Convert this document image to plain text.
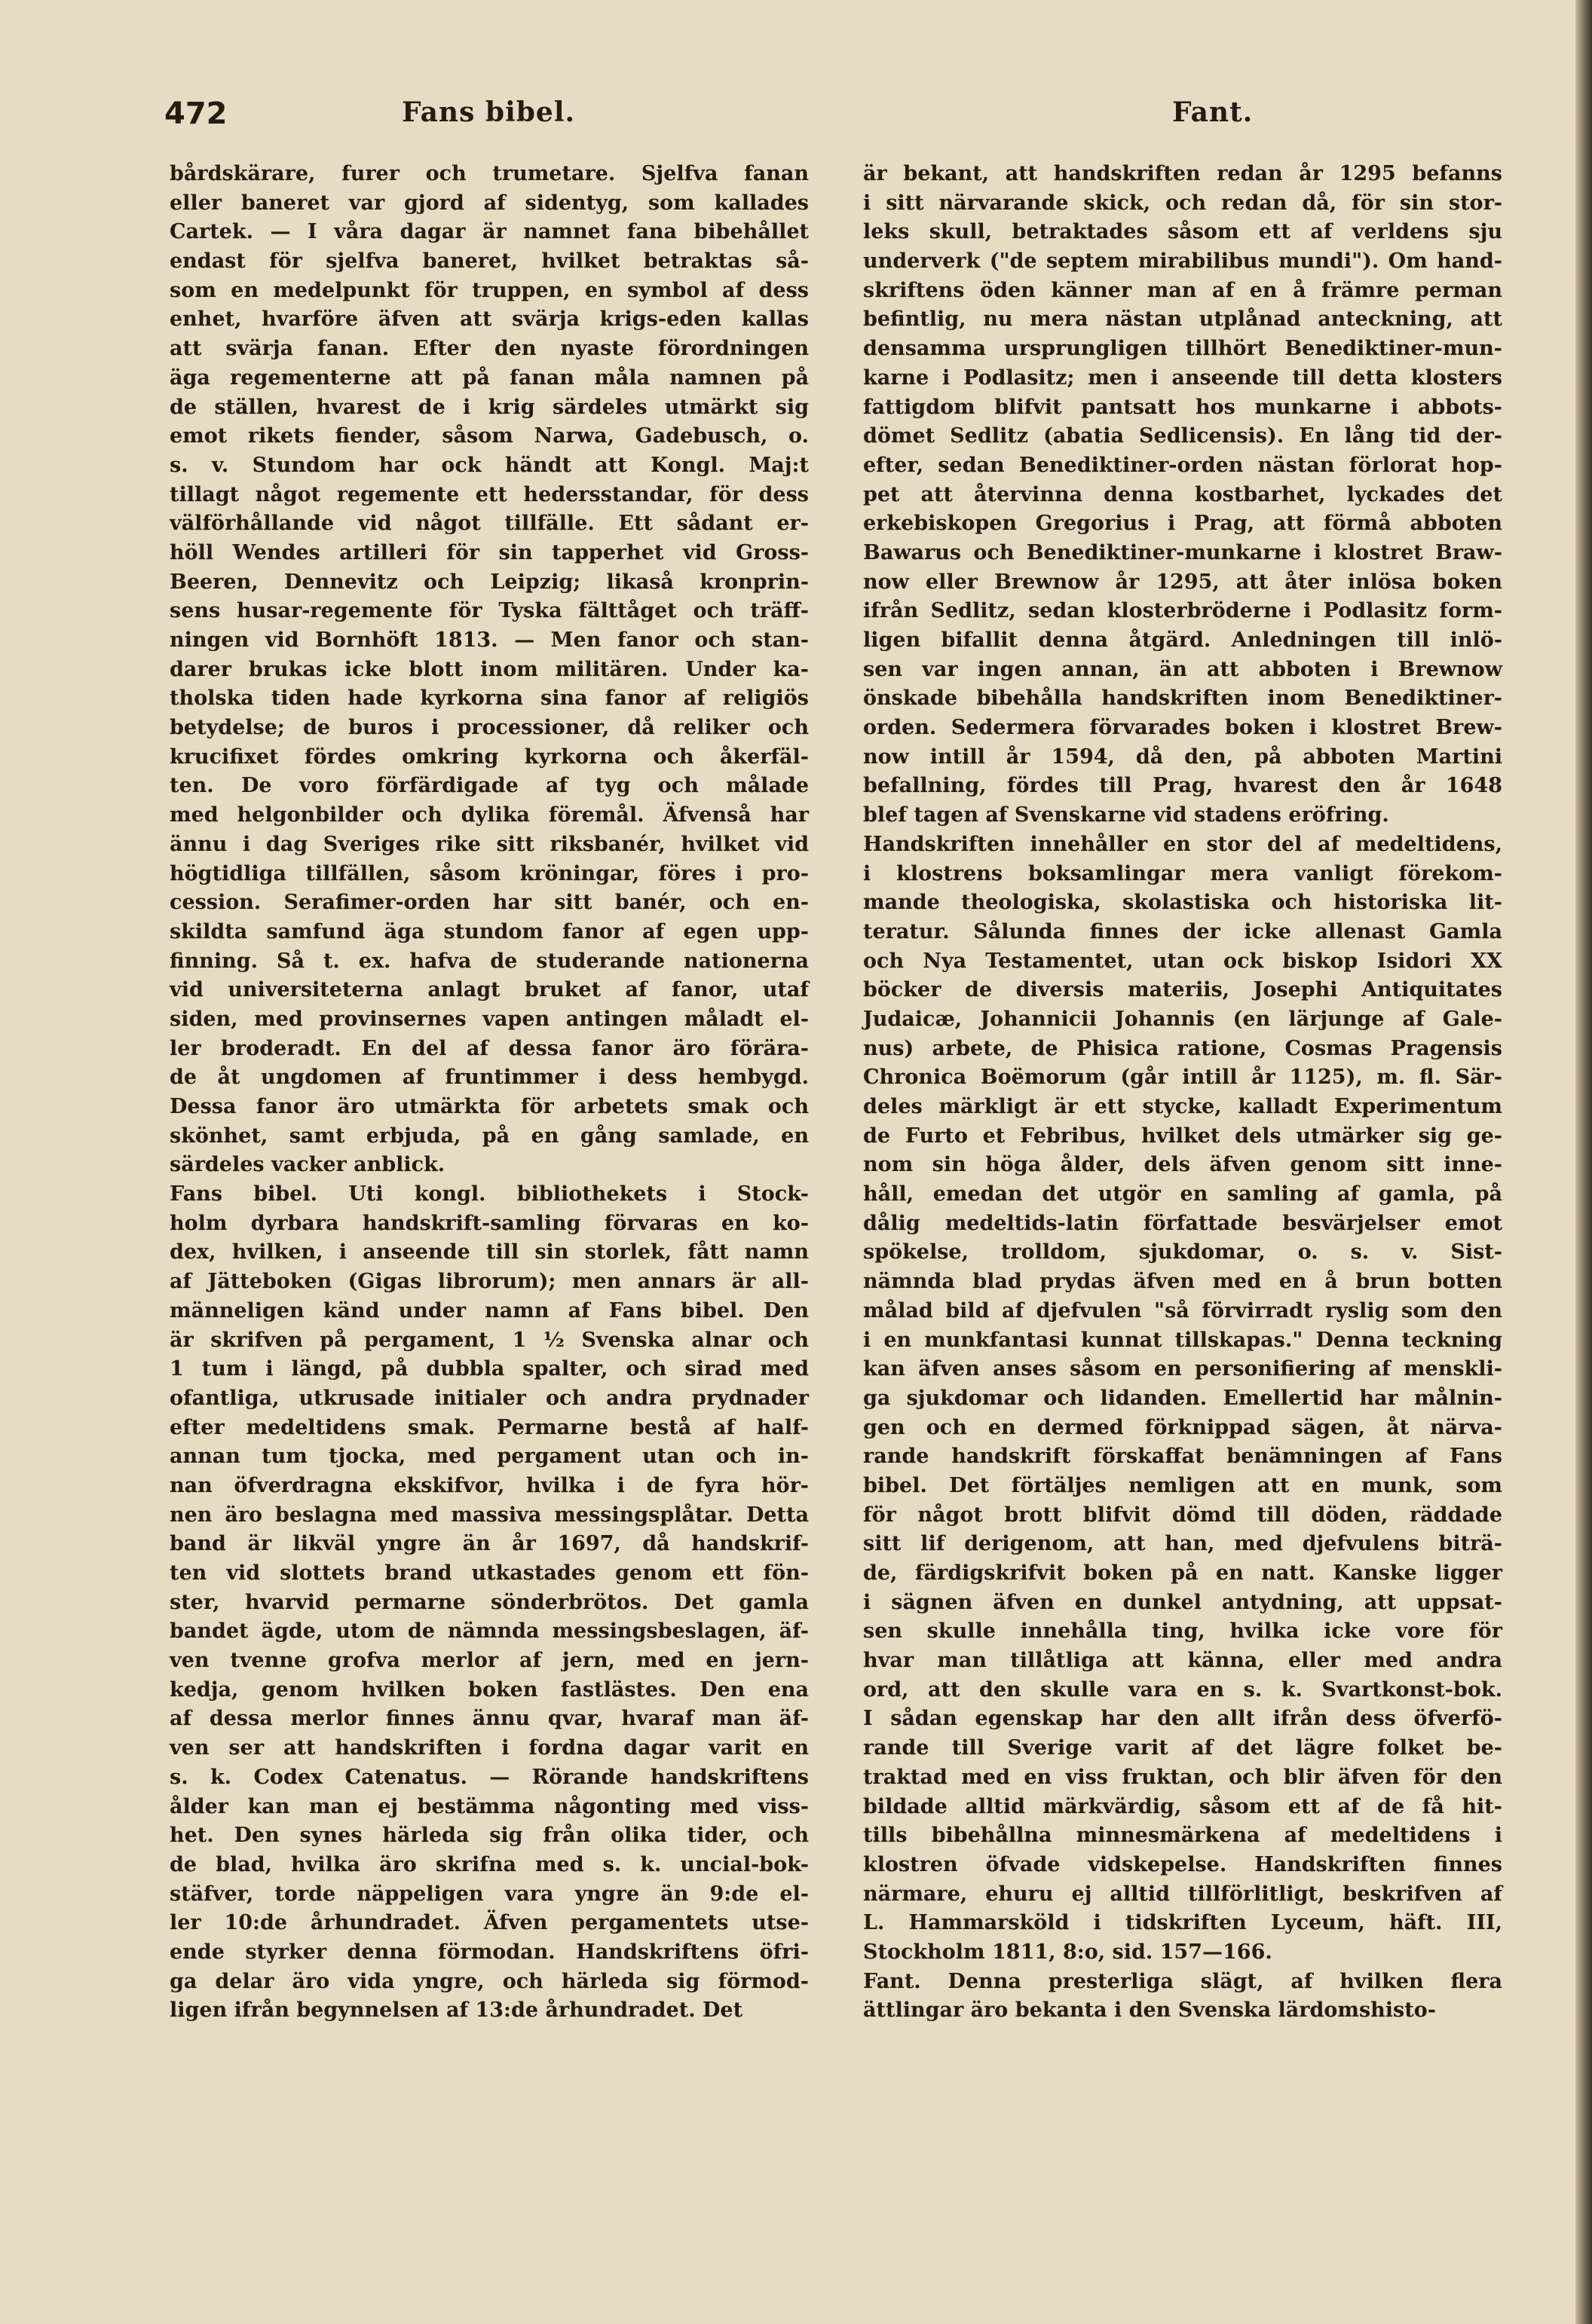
472	Fans bibel.	Fant.
bårdskärare, furer och trumetare. Sjelfva fanan
eller baneret var gjord af sidentyg, som kallades
Cartek. — I våra dagar är namnet fana bibehållet
endast för sjelfva baneret, hvilket betraktas så-
som en medelpunkt för truppen, en symbol af dess
enhet, hvarföre äfven att svärja krigs-eden kallas
att svärja fanan. Efter den nyaste förordningen
äga regementerne att på fanan måla namnen på
de ställen, hvarest de i krig särdeles utmärkt sig
emot rikets fiender, såsom Narwa, Gadebusch, o.
s. v. Stundom har ock händt att Kongl. Maj:t
tillagt något regemente ett hedersstandar, för dess
välförhållande vid något tillfälle. Ett sådant er-
höll Wendes artilleri för sin tapperhet vid Gross-
Beeren, Dennevitz och Leipzig; likaså kronprin-
sens husar-regemente för Tyska fälttåget och träff-
ningen vid Bornhöft 1813. — Men fanor och stan-
darer brukas icke blott inom militären. Under ka-
tholska tiden hade kyrkorna sina fanor af religiös
betydelse; de buros i processioner, då reliker och
krucifixet fördes omkring kyrkorna och åkerfäl-
ten. De voro förfärdigade af tyg och målade
med helgonbilder och dylika föremål. Äfvenså har
ännu i dag Sveriges rike sitt riksbanér, hvilket vid
högtidliga tillfällen, såsom kröningar, föres i pro-
cession. Serafimer-orden har sitt banér, och en-
skildta samfund äga stundom fanor af egen upp-
finning. Så t. ex. hafva de studerande nationerna
vid universiteterna anlagt bruket af fanor, utaf
siden, med provinsernes vapen antingen måladt el-
ler broderadt. En del af dessa fanor äro förära-
de åt ungdomen af fruntimmer i dess hembygd.
Dessa fanor äro utmärkta för arbetets smak och
skönhet, samt erbjuda, på en gång samlade, en
särdeles vacker anblick.
Fans bibel. Uti kongl. bibliothekets i Stock-
holm dyrbara handskrift-samling förvaras en ko-
dex, hvilken, i anseende till sin storlek, fått namn
af Jätteboken (Gigas librorum); men annars är all-
männeligen känd under namn af Fans bibel. Den
är skrifven på pergament, 1 ½ Svenska alnar och
1 tum i längd, på dubbla spalter, och sirad med
ofantliga, utkrusade initialer och andra prydnader
efter medeltidens smak. Permarne bestå af half-
annan tum tjocka, med pergament utan och in-
nan öfverdragna ekskifvor, hvilka i de fyra hör-
nen äro beslagna med massiva messingsplåtar. Detta
band är likväl yngre än år 1697, då handskrif-
ten vid slottets brand utkastades genom ett fön-
ster, hvarvid permarne sönderbrötos. Det gamla
bandet ägde, utom de nämnda messingsbeslagen, äf-
ven tvenne grofva merlor af jern, med en jern-
kedja, genom hvilken boken fastlästes. Den ena
af dessa merlor finnes ännu qvar, hvaraf man äf-
ven ser att handskriften i fordna dagar varit en
s. k. Codex Catenatus. — Rörande handskriftens
ålder kan man ej bestämma någonting med viss-
het. Den synes härleda sig från olika tider, och
de blad, hvilka äro skrifna med s. k. uncial-bok-
stäfver, torde näppeligen vara yngre än 9:de el-
ler 10:de århundradet. Äfven pergamentets utse-
ende styrker denna förmodan. Handskriftens öfri-
ga delar äro vida yngre, och härleda sig förmod-
ligen ifrån begynnelsen af 13:de århundradet. Det
är bekant, att handskriften redan år 1295 befanns
i sitt närvarande skick, och redan då, för sin stor-
leks skull, betraktades såsom ett af verldens sju
underverk ("de septem mirabilibus mundi"). Om hand-
skriftens öden känner man af en å främre perman
befintlig, nu mera nästan utplånad anteckning, att
densamma ursprungligen tillhört Benediktiner-mun-
karne i Podlasitz; men i anseende till detta klosters
fattigdom blifvit pantsatt hos munkarne i abbots-
dömet Sedlitz (abatia Sedlicensis). En lång tid der-
efter, sedan Benediktiner-orden nästan förlorat hop-
pet att återvinna denna kostbarhet, lyckades det
erkebiskopen Gregorius i Prag, att förmå abboten
Bawarus och Benediktiner-munkarne i klostret Braw-
now eller Brewnow år 1295, att åter inlösa boken
ifrån Sedlitz, sedan klosterbröderne i Podlasitz form-
ligen bifallit denna åtgärd. Anledningen till inlö-
sen var ingen annan, än att abboten i Brewnow
önskade bibehålla handskriften inom Benediktiner-
orden. Sedermera förvarades boken i klostret Brew-
now intill år 1594, då den, på abboten Martini
befallning, fördes till Prag, hvarest den år 1648
blef tagen af Svenskarne vid stadens eröfring.
Handskriften innehåller en stor del af medeltidens,
i klostrens boksamlingar mera vanligt förekom-
mande theologiska, skolastiska och historiska lit-
teratur. Sålunda finnes der icke allenast Gamla
och Nya Testamentet, utan ock biskop Isidori XX
böcker de diversis materiis, Josephi Antiquitates
Judaicæ, Johannicii Johannis (en lärjunge af Gale-
nus) arbete, de Phisica ratione, Cosmas Pragensis
Chronica Boëmorum (går intill år 1125), m. fl. Sär-
deles märkligt är ett stycke, kalladt Experimentum
de Furto et Febribus, hvilket dels utmärker sig ge-
nom sin höga ålder, dels äfven genom sitt inne-
håll, emedan det utgör en samling af gamla, på
dålig medeltids-latin författade besvärjelser emot
spökelse, trolldom, sjukdomar, o. s. v. Sist-
nämnda blad prydas äfven med en å brun botten
målad bild af djefvulen "så förvirradt ryslig som den
i en munkfantasi kunnat tillskapas." Denna teckning
kan äfven anses såsom en personifiering af menskli-
ga sjukdomar och lidanden. Emellertid har målnin-
gen och en dermed förknippad sägen, åt närva-
rande handskrift förskaffat benämningen af Fans
bibel. Det förtäljes nemligen att en munk, som
för något brott blifvit dömd till döden, räddade
sitt lif derigenom, att han, med djefvulens biträ-
de, färdigskrifvit boken på en natt. Kanske ligger
i sägnen äfven en dunkel antydning, att uppsat-
sen skulle innehålla ting, hvilka icke vore för
hvar man tillåtliga att känna, eller med andra
ord, att den skulle vara en s. k. Svartkonst-bok.
I sådan egenskap har den allt ifrån dess öfverfö-
rande till Sverige varit af det lägre folket be-
traktad med en viss fruktan, och blir äfven för den
bildade alltid märkvärdig, såsom ett af de få hit-
tills bibehållna minnesmärkena af medeltidens i
klostren öfvade vidskepelse. Handskriften finnes
närmare, ehuru ej alltid tillförlitligt, beskrifven af
L. Hammarsköld i tidskriften Lyceum, häft. III,
Stockholm 1811, 8:o, sid. 157—166.
Fant. Denna presterliga slägt, af hvilken flera
ättlingar äro bekanta i den Svenska lärdomshisto-
